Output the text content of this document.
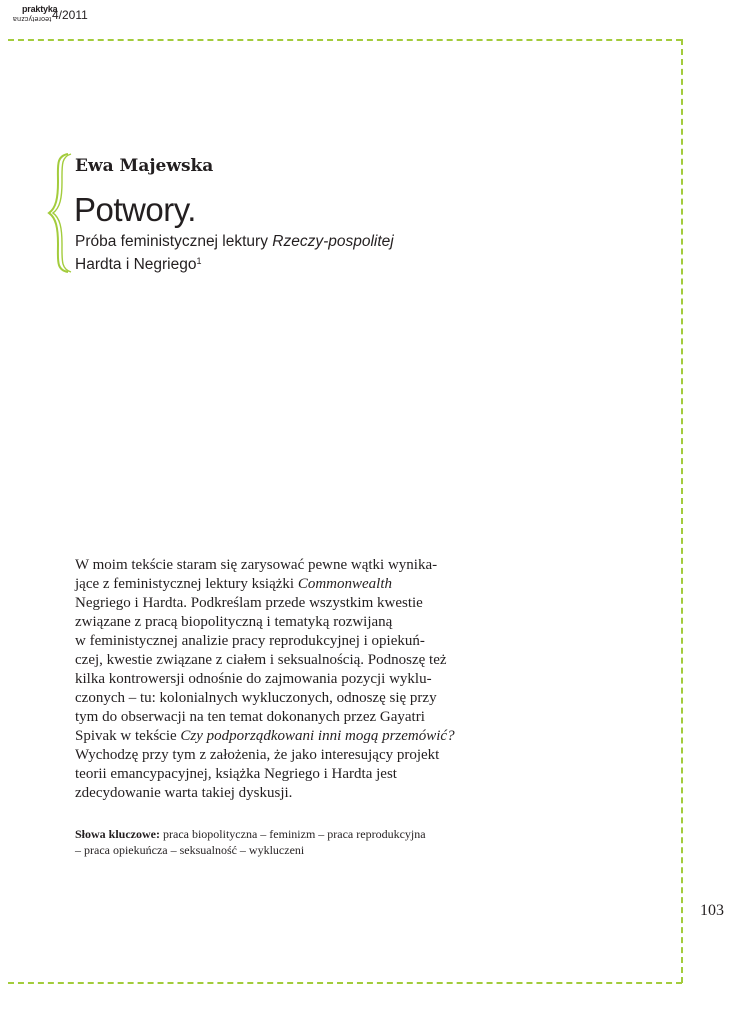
praktyka
teoretyczna 4/2011
Ewa Majewska
Potwory.
Próba feministycznej lektury Rzeczy-pospolitej
Hardta i Negriego$^1$
W moim tekście staram się zarysować pewne wątki wynika-
jące z feministycznej lektury książki Commonwealth
Negriego i Hardta. Podkreślam przede wszystkim kwestie
związane z pracą biopolityczną i tematyką rozwijaną
w feministycznej analizie pracy reprodukcyjnej i opiekuń-
czej, kwestie związane z ciałem i seksualnością. Podnoszę też
kilka kontrowersji odnośnie do zajmowania pozycji wyklu-
czonych – tu: kolonialnych wykluczonych, odnoszę się przy
tym do obserwacji na ten temat dokonanych przez Gayatri
Spivak w tekście Czy podporządkowani inni mogą przemówić?
Wychodzę przy tym z założenia, że jako interesujący projekt
teorii emancypacyjnej, książka Negriego i Hardta jest
zdecydowanie warta takiej dyskusji.
Słowa kluczowe: praca biopolityczna – feminizm – praca reprodukcyjna
– praca opiekuńcza – seksualność – wykluczeni
103
